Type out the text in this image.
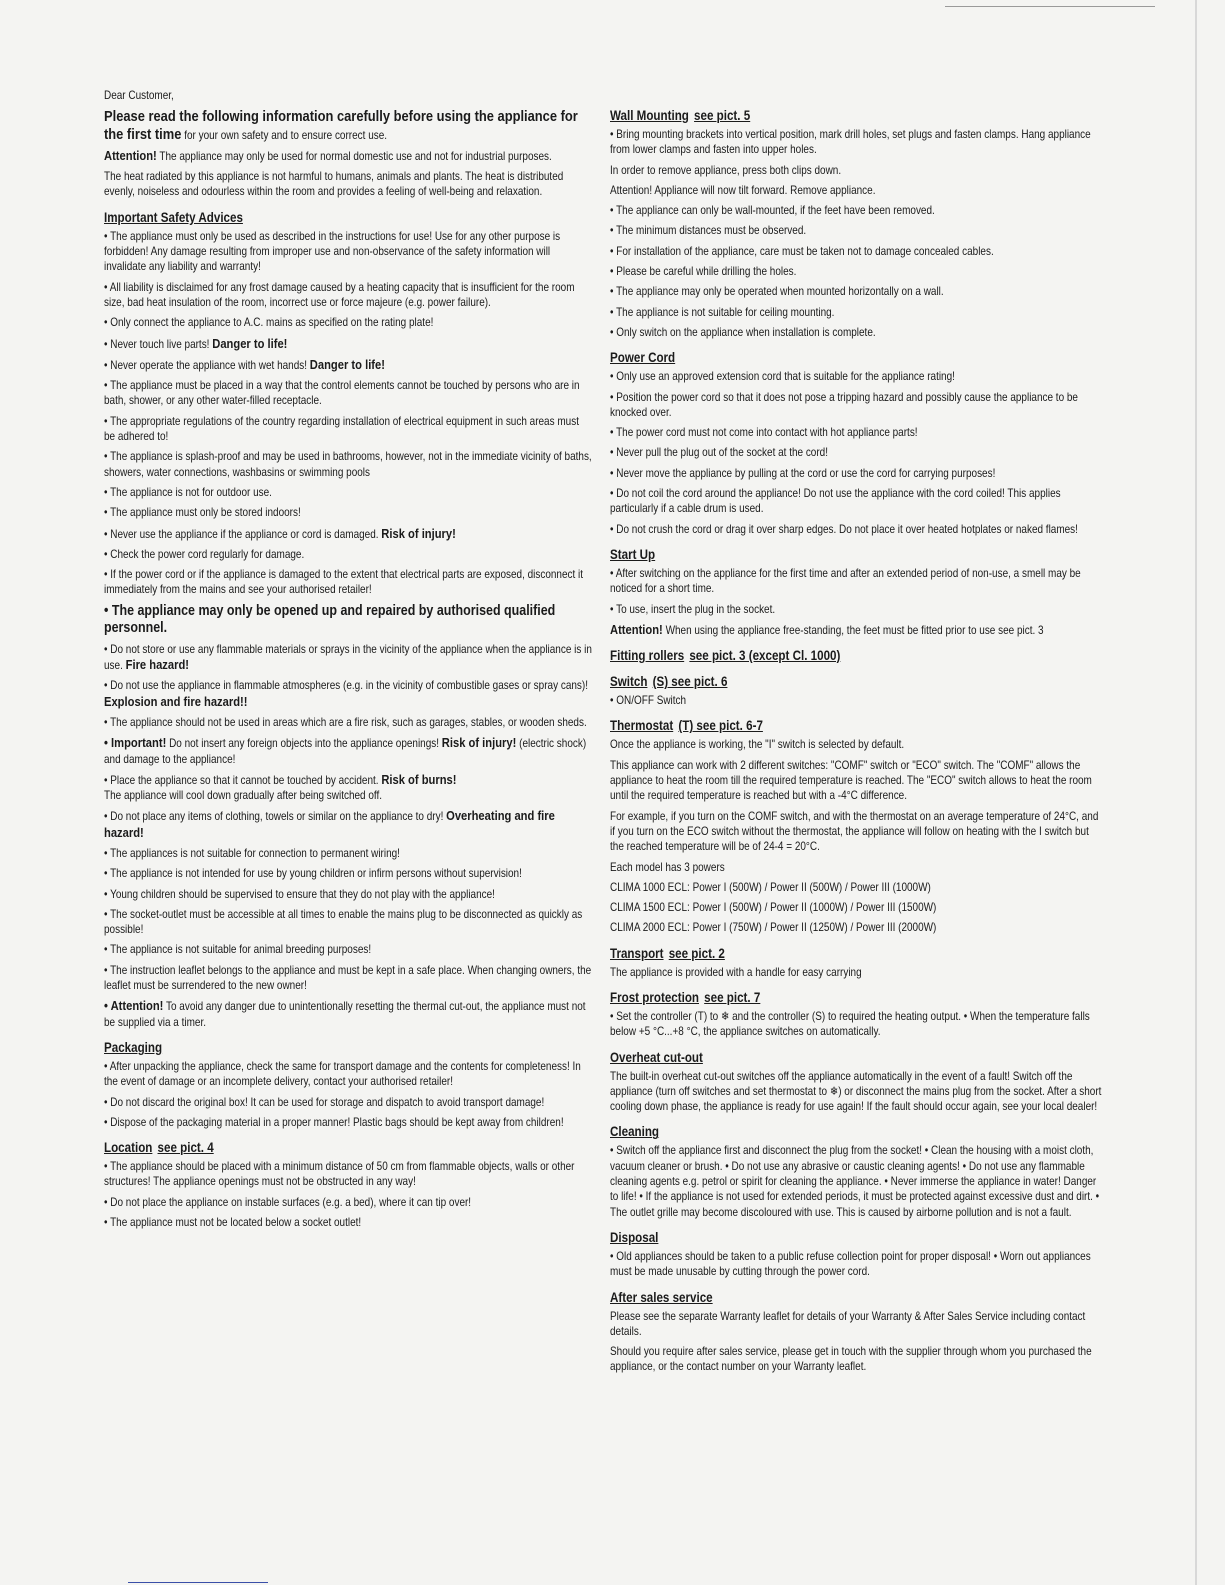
Dear Customer,

Please read the following information carefully before using the appliance for the first time for your own safety and to ensure correct use.

Attention! The appliance may only be used for normal domestic use and not for industrial purposes.

The heat radiated by this appliance is not harmful to humans, animals and plants. The heat is distributed evenly, noiseless and odourless within the room and provides a feeling of well-being and relaxation.

Important Safety Advices

• The appliance must only be used as described in the instructions for use! Use for any other purpose is forbidden! Any damage resulting from improper use and non-observance of the safety information will invalidate any liability and warranty!

• All liability is disclaimed for any frost damage caused by a heating capacity that is insufficient for the room size, bad heat insulation of the room, incorrect use or force majeure (e.g. power failure).

• Only connect the appliance to A.C. mains as specified on the rating plate!

• Never touch live parts! Danger to life!

• Never operate the appliance with wet hands! Danger to life!

• The appliance must be placed in a way that the control elements cannot be touched by persons who are in bath, shower, or any other water-filled receptacle.

• The appropriate regulations of the country regarding installation of electrical equipment in such areas must be adhered to!

• The appliance is splash-proof and may be used in bathrooms, however, not in the immediate vicinity of baths, showers, water connections, washbasins or swimming pools

• The appliance is not for outdoor use.

• The appliance must only be stored indoors!

• Never use the appliance if the appliance or cord is damaged. Risk of injury!

• Check the power cord regularly for damage.

• If the power cord or if the appliance is damaged to the extent that electrical parts are exposed, disconnect it immediately from the mains and see your authorised retailer!

• The appliance may only be opened up and repaired by authorised qualified personnel.

• Do not store or use any flammable materials or sprays in the vicinity of the appliance when the appliance is in use. Fire hazard!

• Do not use the appliance in flammable atmospheres (e.g. in the vicinity of combustible gases or spray cans)! Explosion and fire hazard!!

• The appliance should not be used in areas which are a fire risk, such as garages, stables, or wooden sheds.

• Important! Do not insert any foreign objects into the appliance openings! Risk of injury! (electric shock) and damage to the appliance!

• Place the appliance so that it cannot be touched by accident. Risk of burns!
The appliance will cool down gradually after being switched off.

• Do not place any items of clothing, towels or similar on the appliance to dry! Overheating and fire hazard!

• The appliances is not suitable for connection to permanent wiring!

• The appliance is not intended for use by young children or infirm persons without supervision!

• Young children should be supervised to ensure that they do not play with the appliance!

• The socket-outlet must be accessible at all times to enable the mains plug to be disconnected as quickly as possible!

• The appliance is not suitable for animal breeding purposes!

• The instruction leaflet belongs to the appliance and must be kept in a safe place. When changing owners, the leaflet must be surrendered to the new owner!

• Attention! To avoid any danger due to unintentionally resetting the thermal cut-out, the appliance must not be supplied via a timer.

Packaging

• After unpacking the appliance, check the same for transport damage and the contents for completeness! In the event of damage or an incomplete delivery, contact your authorised retailer!

• Do not discard the original box! It can be used for storage and dispatch to avoid transport damage!

• Dispose of the packaging material in a proper manner! Plastic bags should be kept away from children!

Location see pict. 4

• The appliance should be placed with a minimum distance of 50 cm from flammable objects, walls or other structures! The appliance openings must not be obstructed in any way!

• Do not place the appliance on instable surfaces (e.g. a bed), where it can tip over!

• The appliance must not be located below a socket outlet!

Wall Mounting see pict. 5

• Bring mounting brackets into vertical position, mark drill holes, set plugs and fasten clamps. Hang appliance from lower clamps and fasten into upper holes.

In order to remove appliance, press both clips down.

Attention! Appliance will now tilt forward. Remove appliance.

• The appliance can only be wall-mounted, if the feet have been removed.

• The minimum distances must be observed.

• For installation of the appliance, care must be taken not to damage concealed cables.

• Please be careful while drilling the holes.

• The appliance may only be operated when mounted horizontally on a wall.

• The appliance is not suitable for ceiling mounting.

• Only switch on the appliance when installation is complete.

Power Cord

• Only use an approved extension cord that is suitable for the appliance rating!

• Position the power cord so that it does not pose a tripping hazard and possibly cause the appliance to be knocked over.

• The power cord must not come into contact with hot appliance parts!

• Never pull the plug out of the socket at the cord!

• Never move the appliance by pulling at the cord or use the cord for carrying purposes!

• Do not coil the cord around the appliance! Do not use the appliance with the cord coiled! This applies particularly if a cable drum is used.

• Do not crush the cord or drag it over sharp edges. Do not place it over heated hotplates or naked flames!

Start Up

• After switching on the appliance for the first time and after an extended period of non-use, a smell may be noticed for a short time.

• To use, insert the plug in the socket.

Attention! When using the appliance free-standing, the feet must be fitted prior to use see pict. 3

Fitting rollers see pict. 3 (except Cl. 1000)
Switch (S) see pict. 6

• ON/OFF Switch

Thermostat (T) see pict. 6-7

Once the appliance is working, the "I" switch is selected by default.

This appliance can work with 2 different switches: "COMF" switch or "ECO" switch. The "COMF" allows the appliance to heat the room till the required temperature is reached. The "ECO" switch allows to heat the room until the required temperature is reached but with a -4°C difference.

For example, if you turn on the COMF switch, and with the thermostat on an average temperature of 24°C, and if you turn on the ECO switch without the thermostat, the appliance will follow on heating with the I switch but the reached temperature will be of 24-4 = 20°C.

Each model has 3 powers

CLIMA 1000 ECL: Power I (500W) / Power II (500W) / Power III (1000W)

CLIMA 1500 ECL: Power I (500W) / Power II (1000W) / Power III (1500W)

CLIMA 2000 ECL: Power I (750W) / Power II (1250W) / Power III (2000W)

Transport see pict. 2

The appliance is provided with a handle for easy carrying

Frost protection see pict. 7

• Set the controller (T) to ❄ and the controller (S) to required the heating output. • When the temperature falls below +5 °C...+8 °C, the appliance switches on automatically.

Overheat cut-out

The built-in overheat cut-out switches off the appliance automatically in the event of a fault! Switch off the appliance (turn off switches and set thermostat to ❄) or disconnect the mains plug from the socket. After a short cooling down phase, the appliance is ready for use again! If the fault should occur again, see your local dealer!

Cleaning

• Switch off the appliance first and disconnect the plug from the socket! • Clean the housing with a moist cloth, vacuum cleaner or brush. • Do not use any abrasive or caustic cleaning agents! • Do not use any flammable cleaning agents e.g. petrol or spirit for cleaning the appliance. • Never immerse the appliance in water! Danger to life! • If the appliance is not used for extended periods, it must be protected against excessive dust and dirt. • The outlet grille may become discoloured with use. This is caused by airborne pollution and is not a fault.

Disposal

• Old appliances should be taken to a public refuse collection point for proper disposal! • Worn out appliances must be made unusable by cutting through the power cord.

After sales service

Please see the separate Warranty leaflet for details of your Warranty & After Sales Service including contact details.

Should you require after sales service, please get in touch with the supplier through whom you purchased the appliance, or the contact number on your Warranty leaflet.
